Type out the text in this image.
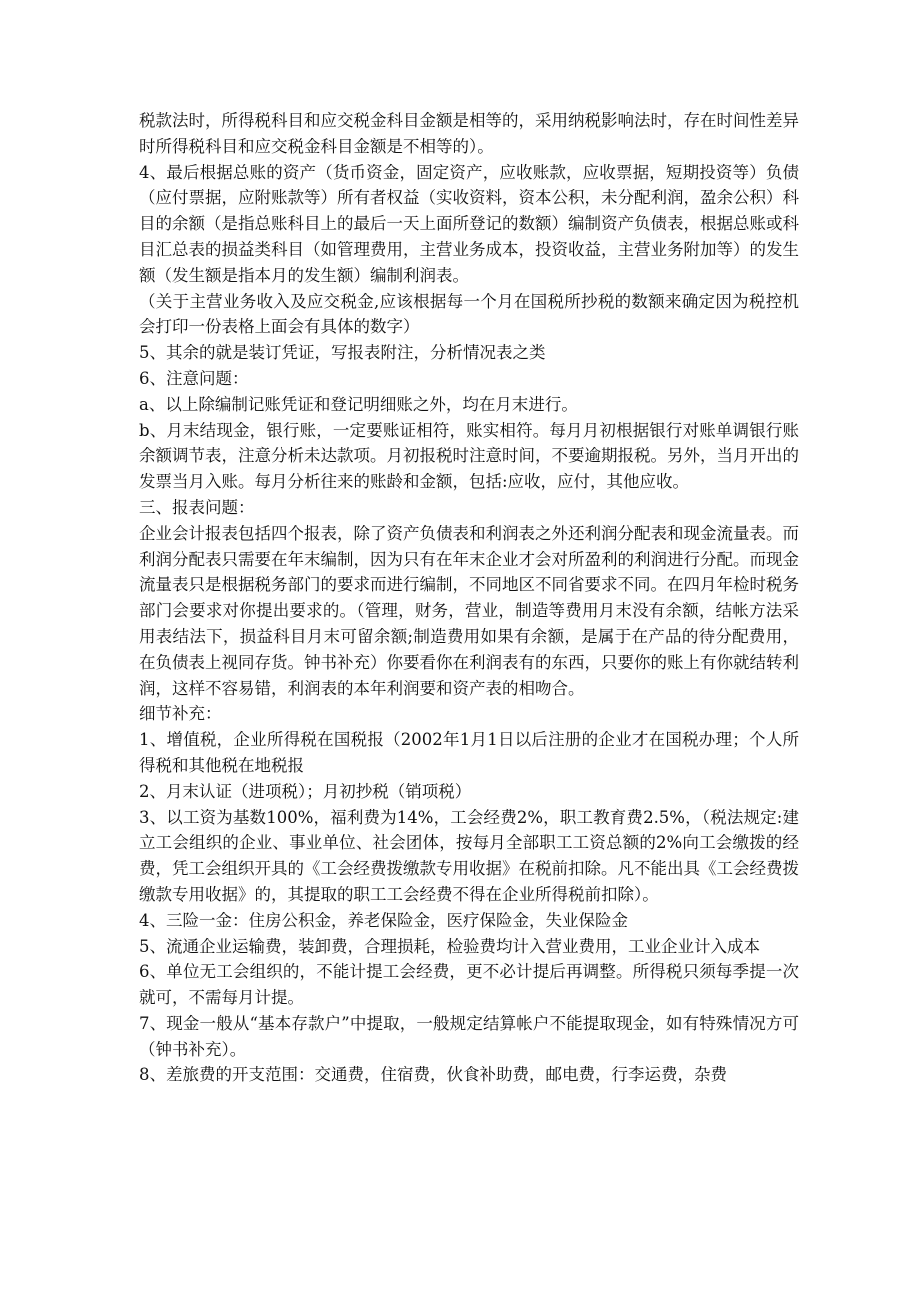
税款法时，所得税科目和应交税金科目金额是相等的，采用纳税影响法时，存在时间性差异时所得税科目和应交税金科目金额是不相等的）。

4、最后根据总账的资产（货币资金，固定资产，应收账款，应收票据，短期投资等）负债（应付票据，应附账款等）所有者权益（实收资料，资本公积，未分配利润，盈余公积）科目的余额（是指总账科目上的最后一天上面所登记的数额）编制资产负债表，根据总账或科目汇总表的损益类科目（如管理费用，主营业务成本，投资收益，主营业务附加等）的发生额（发生额是指本月的发生额）编制利润表。

（关于主营业务收入及应交税金,应该根据每一个月在国税所抄税的数额来确定因为税控机会打印一份表格上面会有具体的数字）

5、其余的就是装订凭证，写报表附注，分析情况表之类

6、注意问题：

a、以上除编制记账凭证和登记明细账之外，均在月末进行。

b、月末结现金，银行账，一定要账证相符，账实相符。每月月初根据银行对账单调银行账余额调节表，注意分析未达款项。月初报税时注意时间，不要逾期报税。另外，当月开出的发票当月入账。每月分析往来的账龄和金额，包括:应收，应付，其他应收。

三、报表问题：

企业会计报表包括四个报表，除了资产负债表和利润表之外还利润分配表和现金流量表。而利润分配表只需要在年末编制，因为只有在年末企业才会对所盈利的利润进行分配。而现金流量表只是根据税务部门的要求而进行编制，不同地区不同省要求不同。在四月年检时税务部门会要求对你提出要求的。（管理，财务，营业，制造等费用月末没有余额，结帐方法采用表结法下，损益科目月末可留余额;制造费用如果有余额，是属于在产品的待分配费用，在负债表上视同存货。钟书补充）你要看你在利润表有的东西，只要你的账上有你就结转利润，这样不容易错，利润表的本年利润要和资产表的相吻合。

细节补充：

1、增值税，企业所得税在国税报（2002年1月1日以后注册的企业才在国税办理；个人所得税和其他税在地税报

2、月末认证（进项税）；月初抄税（销项税）

3、以工资为基数100%，福利费为14%，工会经费2%，职工教育费2.5%，（税法规定:建立工会组织的企业、事业单位、社会团体，按每月全部职工工资总额的2%向工会缴拨的经费，凭工会组织开具的《工会经费拨缴款专用收据》在税前扣除。凡不能出具《工会经费拨缴款专用收据》的，其提取的职工工会经费不得在企业所得税前扣除）。

4、三险一金：住房公积金，养老保险金，医疗保险金，失业保险金

5、流通企业运输费，装卸费，合理损耗，检验费均计入营业费用，工业企业计入成本

6、单位无工会组织的，不能计提工会经费，更不必计提后再调整。所得税只须每季提一次就可，不需每月计提。

7、现金一般从“基本存款户”中提取，一般规定结算帐户不能提取现金，如有特殊情况方可（钟书补充）。

8、差旅费的开支范围：交通费，住宿费，伙食补助费，邮电费，行李运费，杂费
